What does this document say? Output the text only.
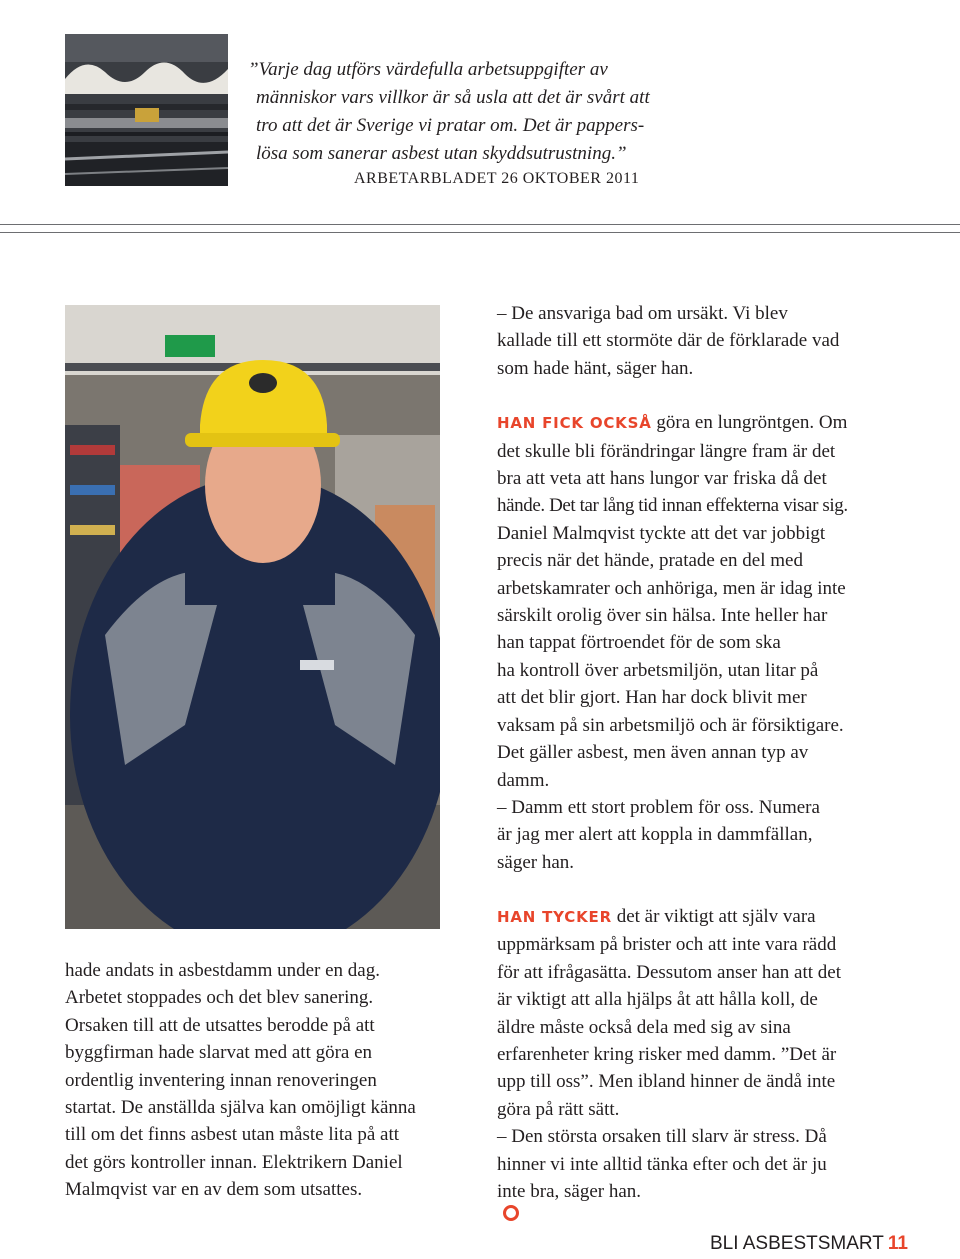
”Varje dag utförs värdefulla arbetsuppgifter av
människor vars villkor är så usla att det är svårt att
tro att det är Sverige vi pratar om. Det är pappers-
lösa som sanerar asbest utan skyddsutrustning.”

ARBETARBLADET 26 OKTOBER 2011

hade andats in asbestdamm under en dag.
Arbetet stoppades och det blev sanering.
Orsaken till att de utsattes berodde på att
byggfirman hade slarvat med att göra en
ordentlig inventering innan renoveringen
startat. De anställda själva kan omöjligt känna
till om det finns asbest utan måste lita på att
det görs kontroller innan. Elektrikern Daniel
Malmqvist var en av dem som utsattes.

– De ansvariga bad om ursäkt. Vi blev
kallade till ett stormöte där de förklarade vad
som hade hänt, säger han.

HAN FICK OCKSÅ göra en lungröntgen. Om
det skulle bli förändringar längre fram är det
bra att veta att hans lungor var friska då det
hände. Det tar lång tid innan effekterna visar sig.
Daniel Malmqvist tyckte att det var jobbigt
precis när det hände, pratade en del med
arbetskamrater och anhöriga, men är idag inte
särskilt orolig över sin hälsa. Inte heller har
han tappat förtroendet för de som ska
ha kontroll över arbetsmiljön, utan litar på
att det blir gjort. Han har dock blivit mer
vaksam på sin arbetsmiljö och är försiktigare.
Det gäller asbest, men även annan typ av
damm.

– Damm ett stort problem för oss. Numera
är jag mer alert att koppla in dammfällan,
säger han.

HAN TYCKER det är viktigt att själv vara
uppmärksam på brister och att inte vara rädd
för att ifrågasätta. Dessutom anser han att det
är viktigt att alla hjälps åt att hålla koll, de
äldre måste också dela med sig av sina
erfarenheter kring risker med damm. ”Det är
upp till oss”. Men ibland hinner de ändå inte
göra på rätt sätt.

– Den största orsaken till slarv är stress. Då
hinner vi inte alltid tänka efter och det är ju
inte bra, säger han.

BLI ASBESTSMART 11
